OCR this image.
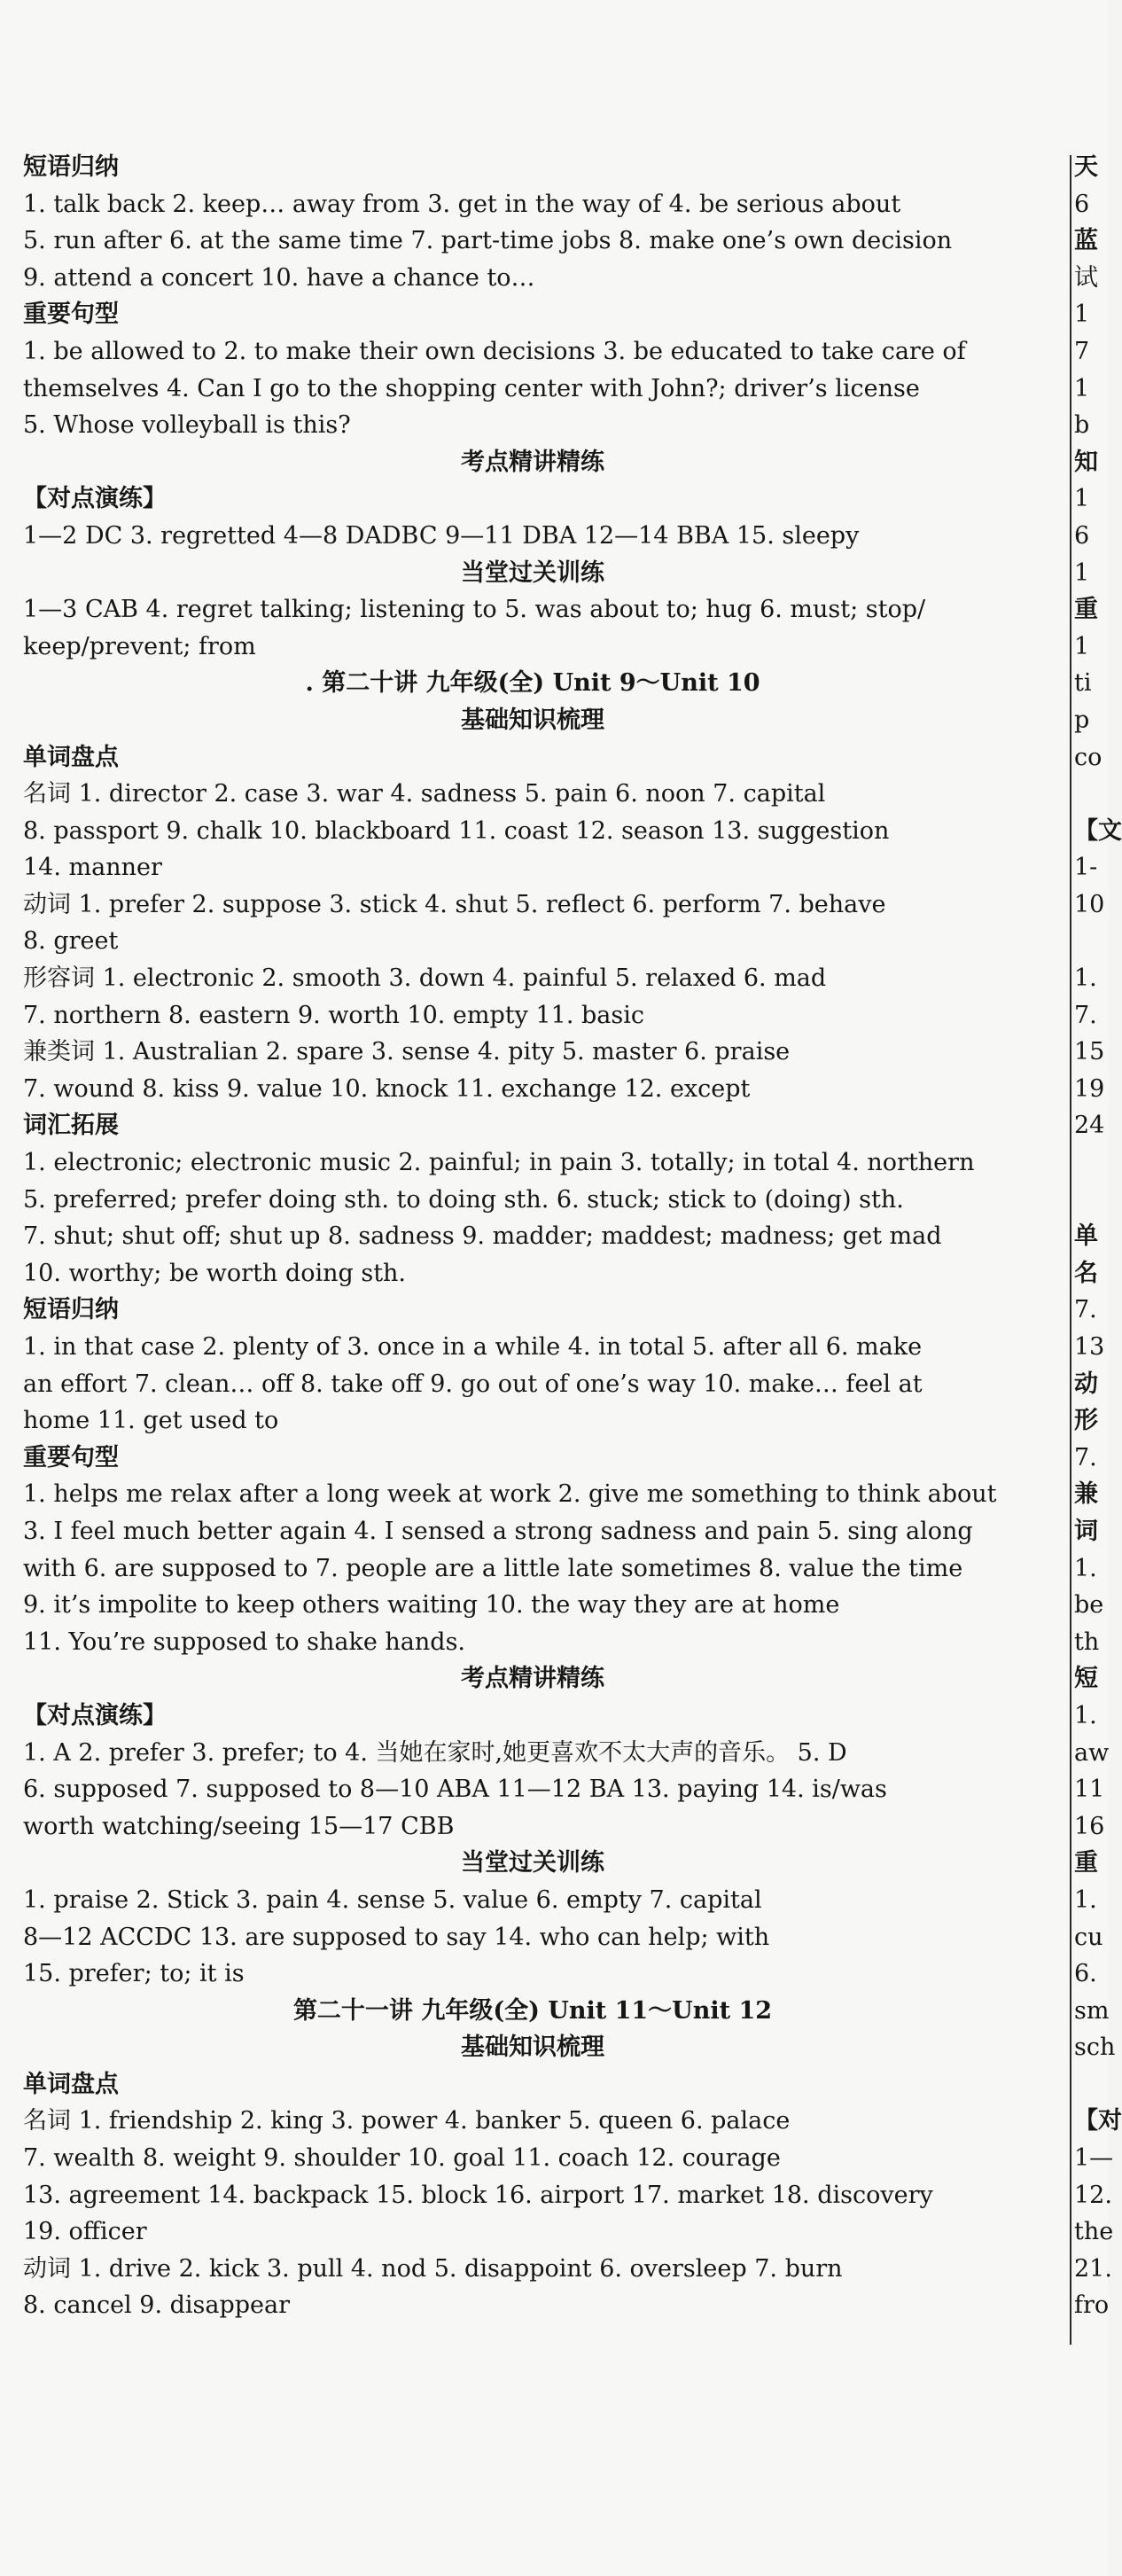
短语归纳
1. talk back 2. keep… away from 3. get in the way of 4. be serious about
5. run after 6. at the same time 7. part-time jobs 8. make one’s own decision
9. attend a concert 10. have a chance to…
重要句型
1. be allowed to 2. to make their own decisions 3. be educated to take care of
themselves 4. Can I go to the shopping center with John?; driver’s license
5. Whose volleyball is this?
考点精讲精练
【对点演练】
1—2 DC 3. regretted 4—8 DADBC 9—11 DBA 12—14 BBA 15. sleepy
当堂过关训练
1—3 CAB 4. regret talking; listening to 5. was about to; hug 6. must; stop/
keep/prevent; from
. 第二十讲 九年级(全) Unit 9～Unit 10
基础知识梳理
单词盘点
名词 1. director 2. case 3. war 4. sadness 5. pain 6. noon 7. capital
8. passport 9. chalk 10. blackboard 11. coast 12. season 13. suggestion
14. manner
动词 1. prefer 2. suppose 3. stick 4. shut 5. reflect 6. perform 7. behave
8. greet
形容词 1. electronic 2. smooth 3. down 4. painful 5. relaxed 6. mad
7. northern 8. eastern 9. worth 10. empty 11. basic
兼类词 1. Australian 2. spare 3. sense 4. pity 5. master 6. praise
7. wound 8. kiss 9. value 10. knock 11. exchange 12. except
词汇拓展
1. electronic; electronic music 2. painful; in pain 3. totally; in total 4. northern
5. preferred; prefer doing sth. to doing sth. 6. stuck; stick to (doing) sth.
7. shut; shut off; shut up 8. sadness 9. madder; maddest; madness; get mad
10. worthy; be worth doing sth.
短语归纳
1. in that case 2. plenty of 3. once in a while 4. in total 5. after all 6. make
an effort 7. clean… off 8. take off 9. go out of one’s way 10. make… feel at
home 11. get used to
重要句型
1. helps me relax after a long week at work 2. give me something to think about
3. I feel much better again 4. I sensed a strong sadness and pain 5. sing along
with 6. are supposed to 7. people are a little late sometimes 8. value the time
9. it’s impolite to keep others waiting 10. the way they are at home
11. You’re supposed to shake hands.
考点精讲精练
【对点演练】
1. A 2. prefer 3. prefer; to 4. 当她在家时,她更喜欢不太大声的音乐。 5. D
6. supposed 7. supposed to 8—10 ABA 11—12 BA 13. paying 14. is/was
worth watching/seeing 15—17 CBB
当堂过关训练
1. praise 2. Stick 3. pain 4. sense 5. value 6. empty 7. capital
8—12 ACCDC 13. are supposed to say 14. who can help; with
15. prefer; to; it is
第二十一讲 九年级(全) Unit 11～Unit 12
基础知识梳理
单词盘点
名词 1. friendship 2. king 3. power 4. banker 5. queen 6. palace
7. wealth 8. weight 9. shoulder 10. goal 11. coach 12. courage
13. agreement 14. backpack 15. block 16. airport 17. market 18. discovery
19. officer
动词 1. drive 2. kick 3. pull 4. nod 5. disappoint 6. oversleep 7. burn
8. cancel 9. disappear
天
6
蓝
试
1
7
1
b
知
1
6
1
重
1
ti
p
co
【文
1-
10
1.
7.
15
19
24
单
名
7.
13
动
形
7.
兼
词
1.
be
th
短
1.
aw
11
16
重
1.
cu
6.
sm
sch
【对
1—
12.
the
21.
fro
